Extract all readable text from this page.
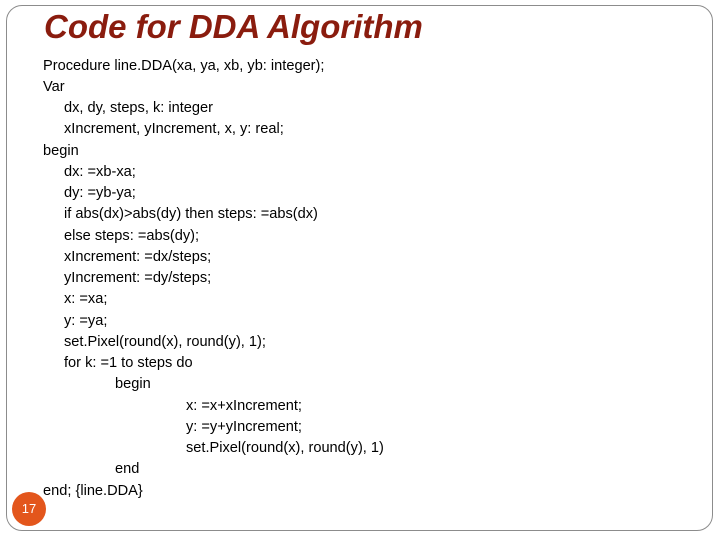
Code for DDA Algorithm
Procedure line.DDA(xa, ya, xb, yb: integer);
Var
dx, dy, steps, k: integer
xIncrement, yIncrement, x, y: real;
begin
dx: =xb-xa;
dy: =yb-ya;
if abs(dx)>abs(dy) then steps: =abs(dx)
else steps: =abs(dy);
xIncrement: =dx/steps;
yIncrement: =dy/steps;
x: =xa;
y: =ya;
set.Pixel(round(x), round(y), 1);
for k: =1 to steps do
begin
x: =x+xIncrement;
y: =y+yIncrement;
set.Pixel(round(x), round(y), 1)
end
end; {line.DDA}
17
